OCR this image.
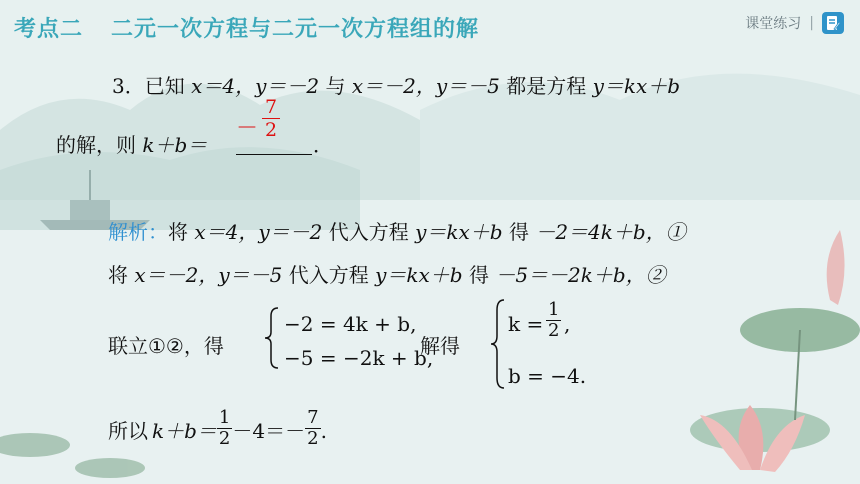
考点二 二元一次方程与二元一次方程组的解	课堂练习 |
3．已知 x＝4，y＝－2 与 x＝－2，y＝－5 都是方程 y＝kx＋b
的解，则 k＋b＝	．
－ $\frac{7}{2}$
解析：将 x＝4，y＝－2 代入方程 y＝kx＋b 得 －2＝4k＋b，①
将 x＝－2，y＝－5 代入方程 y＝kx＋b 得 －5＝－2k＋b，②
联立①②，得
−2 = 4k + b,
−5 = −2k + b,
解得
$k = \frac{1}{2}$ ,
b = −4.
所以 $k+b= \frac{1}{2} -4=- \frac{7}{2}$ .
